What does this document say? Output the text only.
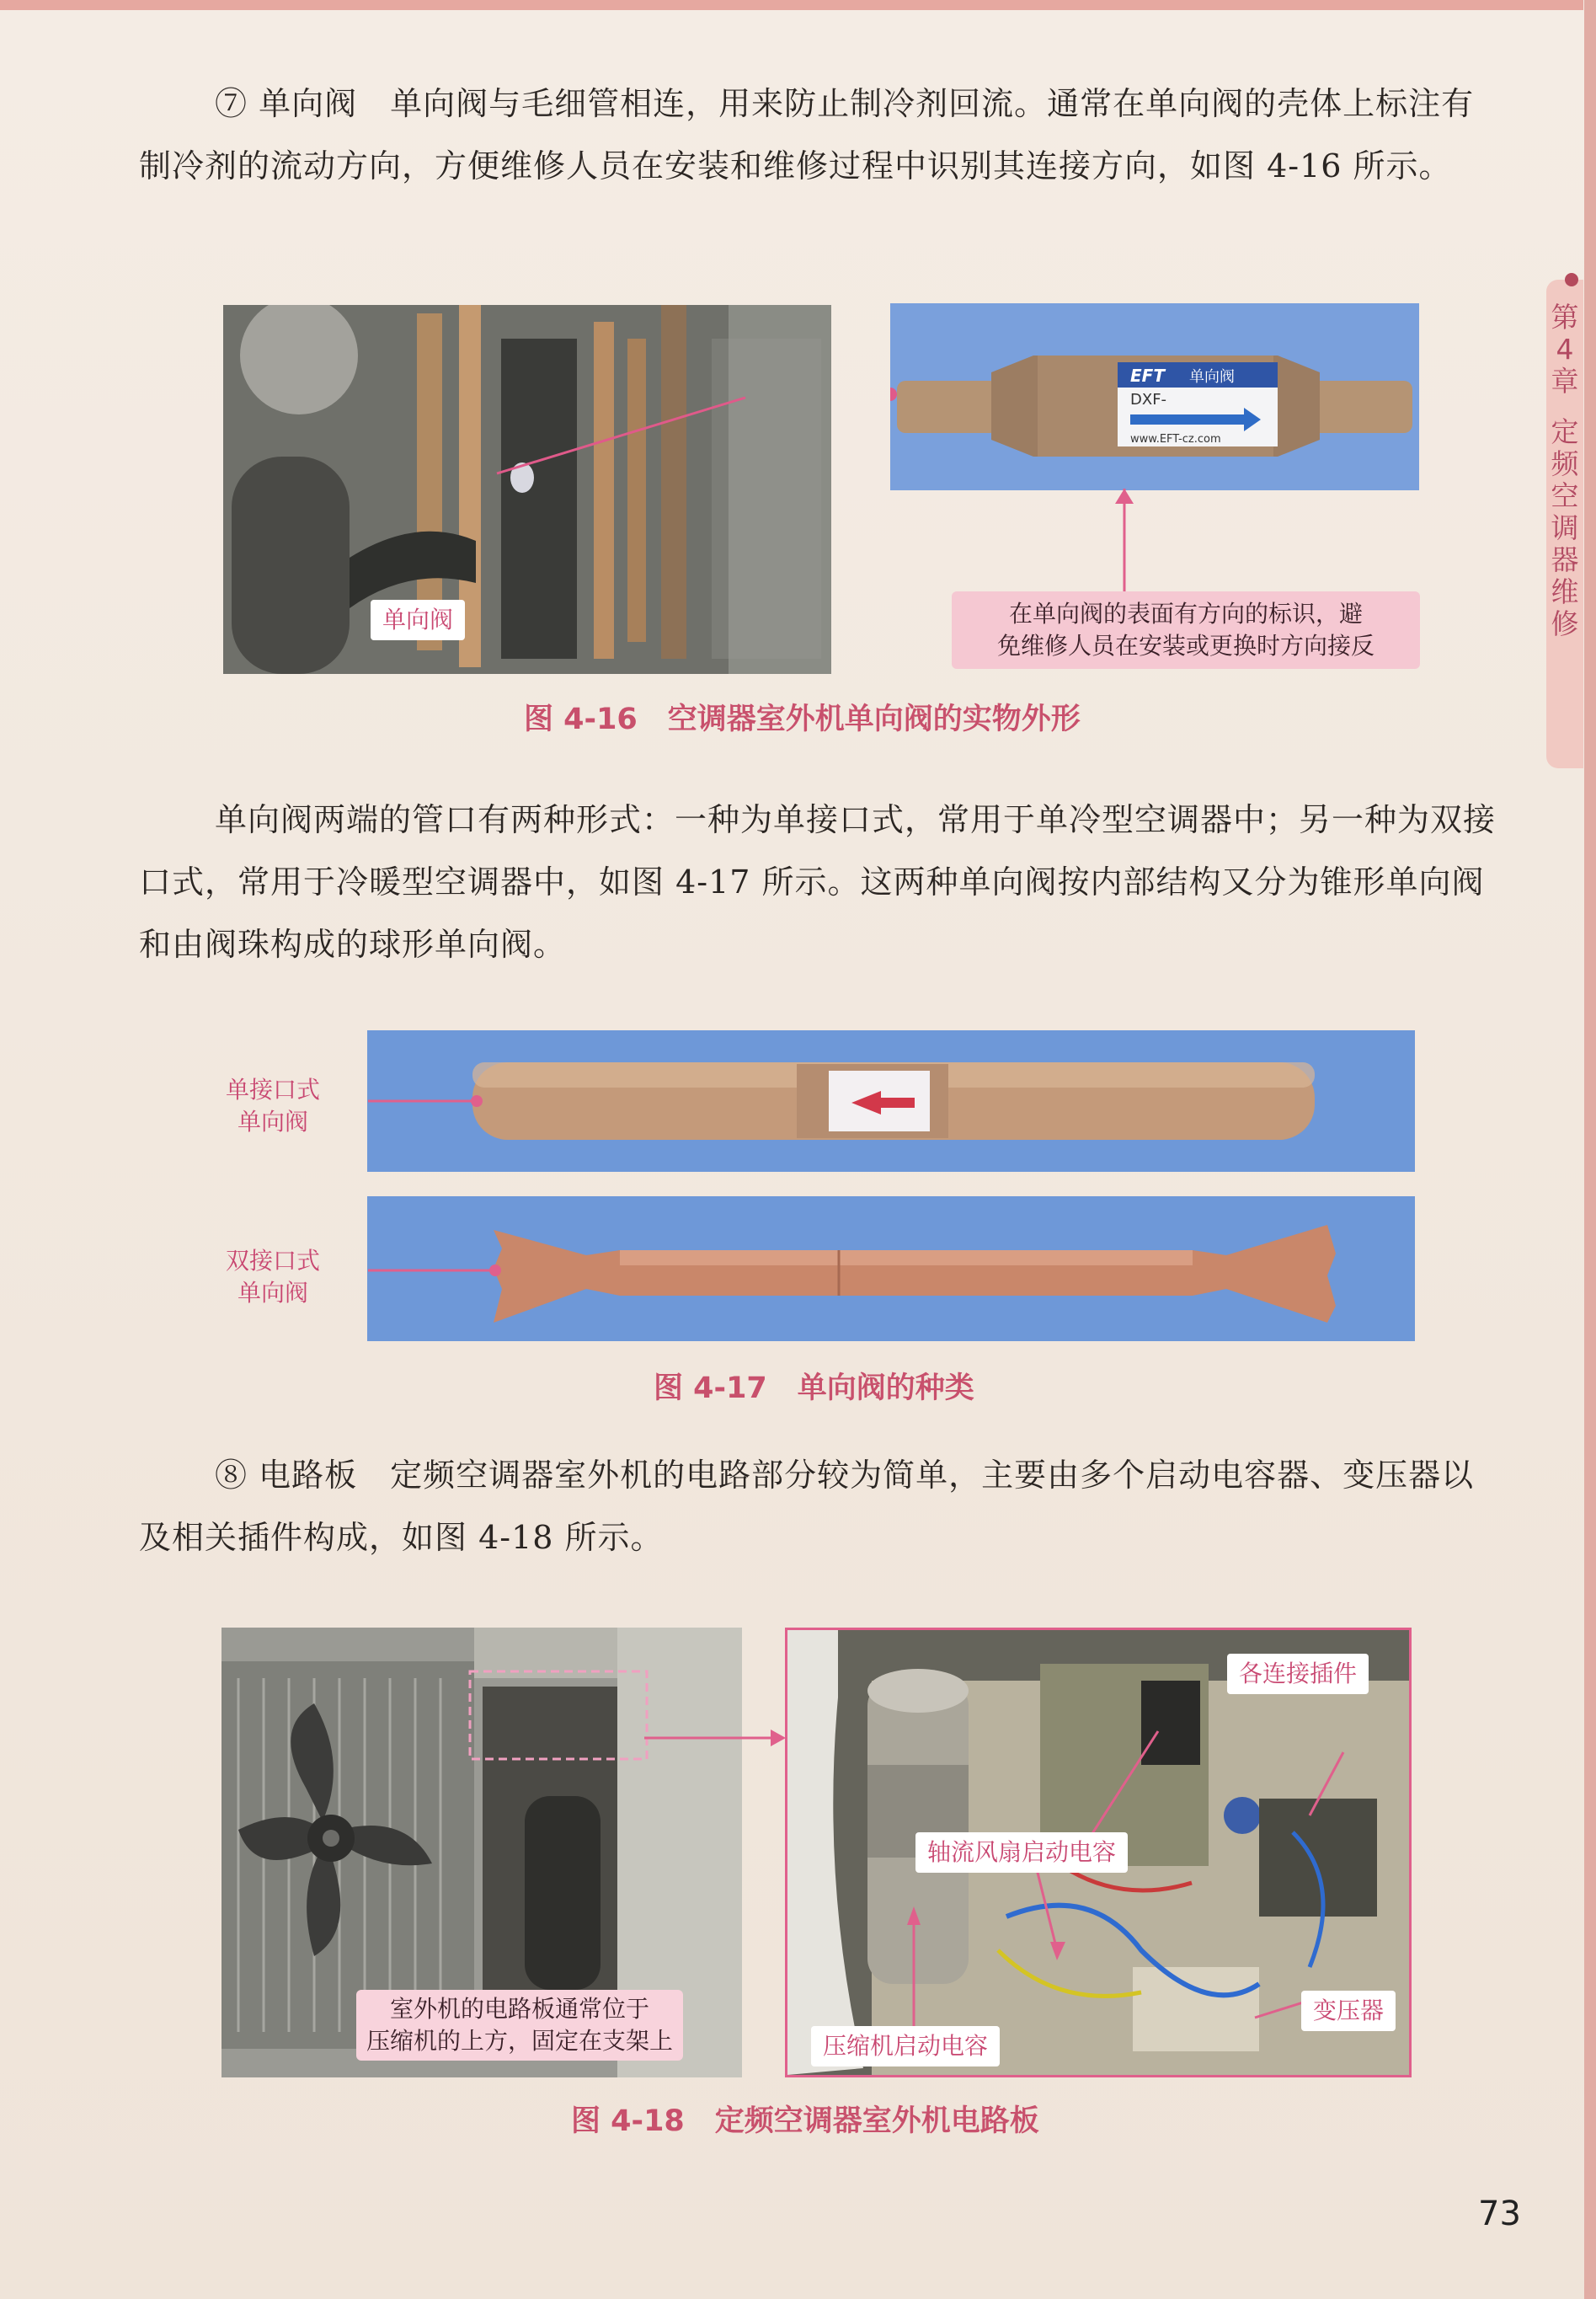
第4章
定频空调器维修

⑦ 单向阀　 单向阀与毛细管相连，用来防止制冷剂回流。通常在单向阀的壳体上标注有制冷剂的流动方向，方便维修人员在安装和维修过程中识别其连接方向，如图 4-16 所示。

单向阀
EFT 单向阀
DXF-
www.EFT-cz.com
在单向阀的表面有方向的标识，避
免维修人员在安装或更换时方向接反
图 4-16 空调器室外机单向阀的实物外形

单向阀两端的管口有两种形式：一种为单接口式，常用于单冷型空调器中；另一种为双接口式，常用于冷暖型空调器中，如图 4-17 所示。这两种单向阀按内部结构又分为锥形单向阀和由阀珠构成的球形单向阀。

单接口式
单向阀
双接口式
单向阀
图 4-17 单向阀的种类

⑧ 电路板　 定频空调器室外机的电路部分较为简单，主要由多个启动电容器、变压器以及相关插件构成，如图 4-18 所示。

室外机的电路板通常位于
压缩机的上方，固定在支架上
各连接插件
轴流风扇启动电容
压缩机启动电容
变压器
图 4-18 定频空调器室外机电路板
73
